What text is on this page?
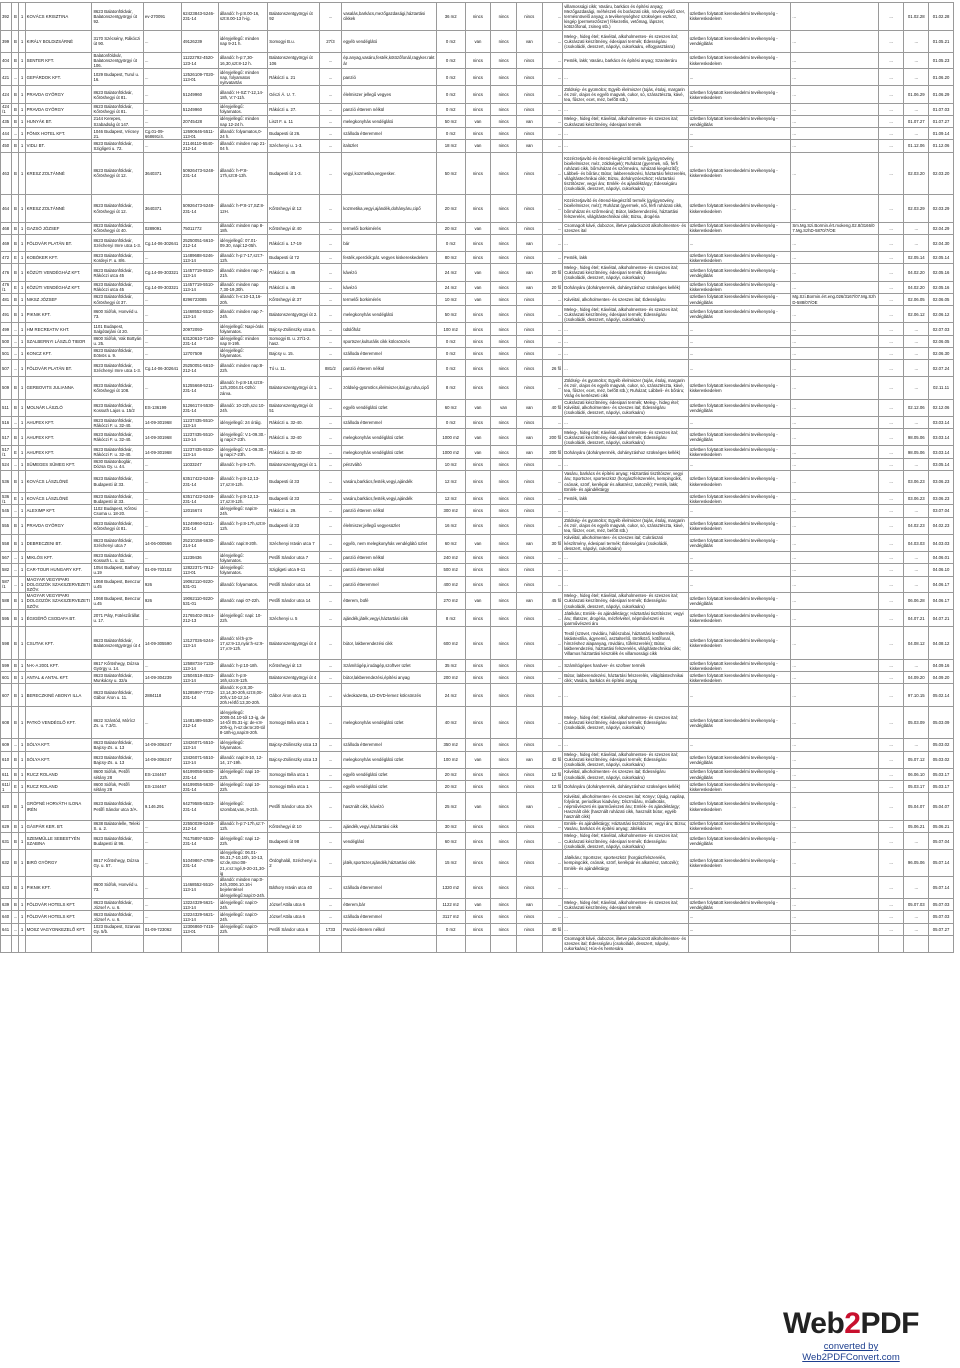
392	B	1	KOVÁCS KRISZTINA	8623 Balatonföldvár, Balatonszentgyörgyi út 92.	ev-270091	62423843-5246-231-14	állandó: h-p:8.00-16, szt:8.00-13 h-ig.	Balatonszentgyörgyi út 92	...	vasalás,barkács,mezőgazdasági,háztartási cikkek	36 m2	nincs	nincs	nincs	...	villamossági cikk; Vasáru, barkács és építési anyag; Mezőgazdasági, méhészeti és borászati cikk, növényvédő szer, termésnövelő anyag; a tevékenységhez szükséges eszköz, kisgép (permetezőszer) fékezetlis, vetőmag, lápszer, kötözőfonal, zsineg stb.)	üzletben folytatott kereskedelmi tevékenység - kiskereskedelem	...	...	01.02.28	01.02.28
399	B	1	KIRÁLY BOLDIZSÁRNÉ	3170 Szécsény, Rákóczi út 90.	...	49126239	idényjellegű: minden nap 9-21 h.	Somogyi B.u.	27/3	egyéb vendéglátó	0 m2	van	nincs	van	...	Meleg-, hideg étel; Kávéital, alkoholmentes- és szeszes ital; Cukrászati készítmény, édesipari termék; Édességáru (csokoládé, desszert, nápolyi, cukorkaáru, elfogyasztásra)	üzletben folytatott kereskedelmi tevékenység - vendéglátás	...	...	...	01.05.21
404	B	1	SENTER KFT.	Balatonföldvár, Balatonszentgyörgyi út 106.	...	11222792-4520-123-14	állandó: h-p:7,30-16,30,szt:8-12 h.	Balatonszentgyörgyi út 106	...	ép.anyag,vasáru,festék,kötözőfonál,ragyker.raktár	0 m2	nincs	nincs	nincs	...	Festék, lakk; Vasáru, barkács és építési anyag; Szaniteráru	üzletben folytatott kereskedelmi tevékenység - kiskereskedelem	...	...	...	01.05.23
421	...	1	GEPÁRDOK KFT.	1029 Budapest, Turul u. 16.	...	12526109-7020-113-01	idényjellegű: minden nap, folyamatos nyitvatartás	Rákóczi u. 21	...	panzió	0 m2	nincs	nincs	nincs	...	...	...	...	...	...	01.06.20
424	B	1	PRAVDA GYÖRGY	8623 Balatonföldvár, Kőröshegyi út 81.	...	51249960	állandó: H-SZ:7-12,14-18h, V:7-11h.	Géczi Á. U. 7.	...	élelmiszer jellegű vegyes	0 m2	nincs	nincs	nincs	...	Zöldség- és gyümölcs; Egyéb élelmiszer (tojás, étolaj, margarin és zsír, olajos és egyéb magvak, cukor, só, száraztészta, kávé, tea, fűszer, ecet, méz, befőtt stb.)	üzletben folytatott kereskedelmi tevékenység - kiskereskedelem	...	...	01.06.29	01.06.29
424/1	B	1	PRAVDA GYÖRGY	8623 Balatonföldvár, Kőröshegyi út 81.	...	51249960	idényjellegű: folyamatos.	Rákóczi u. 27.	...	panzió étterem nélkül	0 m2	nincs	nincs	nincs	...	...	...	...	...	...	01.07.03
435	B	1	HUNYÁK BT.	2144 Kerepes, Szabadság út 147.	...	20745428	idényjellegű: minden nap 12-24 h.	Liszt F. u. 11	...	melegkonyhás vendéglátó	50 m2	van	nincs	van	...	Meleg-, hideg étel; Kávéital, alkoholmentes- és szeszes ital; Cukrászati készítmény, édesipari termék	üzletben folytatott kereskedelmi tevékenység - vendéglátás	...	...	01.07.27	01.07.27
444	...	1	FÖNIX HOTEL KFT.	1046 Budapest, Vécsey 21.	Cg.01-09-668691/4.	12690646-5511-113-01	állandó: folyamatos,0-24 h.	Budapesti út 26.	...	szálloda étteremmel	0 m2	nincs	nincs	nincs	...	...	...	...	...	...	01.09.14
450	B	1	VIDLI BT.	8623 Balatonföldvár, Szigligeti u. 72.	...	21146110-5540-212-14	állandó: minden nap 21-04 h.	Széchenyi u. 1-3.	...	italüzlet	18 m2	van	nincs	van	...	...	...	...	...	01.12.06	01.12.06
463	B	1	KRESZ ZOLTÁNNÉ	8623 Balatonföldvár, Kőröshegyi út 12.	3640371	50926473-5248-231-14	állandó: h-P:8-17h,szt:8-13h.	Budapesti út 1-3.	...	vegyi,kozmetika,vegyesker.	50 m2	nincs	nincs	nincs	...	Közérzetjavító és étrend-kiegészítő termék (gyógynövény, bioélelmiszer, méz, zöldségek); Ruházat (gyermek, női, férfi ruházati cikk, bőrruházat és szőrmeáru, ruházati kiegészítő); Lábbeli- és bőráru; Bútor, lakberendezési, háztartási felszerelés, világítástechnikai cikk; Bizsu, dohányzóeszköz; Háztartási tisztítószer, vegyi áru; Emlék- és ajándéktárgy; Édességáru (csokoládé, desszert, nápolyi, cukorkaáru)	üzletben folytatott kereskedelmi tevékenység - kiskereskedelem	...	...	02.03.20	02.03.20
464	B	1	KRESZ ZOLTÁNNÉ	8623 Balatonföldvár, Kőröshegyi út 12.	3640371	50926473-5248-231-14	állandó: h-P:8-17,SZ:8-12H.	Kőröshegyi út 12	...	kozmetika,vegyi,ajándék,dohányáru,cipő	20 m2	nincs	nincs	nincs	...	Közérzetjavító és étrend-kiegészítő termék (gyógynövény, bioélelmiszer, méz); Ruházat (gyermek, női, férfi ruházati cikk, bőrruházat és szőrmeáru); Bútor, lakberendezési, háztartási felszerelés, világítástechnikai cikk; Bizsu, drogéria	üzletben folytatott kereskedelmi tevékenység - kiskereskedelem	...	...	02.03.29	02.03.29
468	B	1	GAZSÓ JÓZSEF	8623 Balatonföldvár, Kőröshegyi út 40.	0289091	75011772	állandó: minden nap 8-18h.	Kőröshegyi út 40	...	termelői borkimérés	20 m2	van	nincs	nincs	...	Csomagolt kávé, dobozos, illetve palackozott alkoholmentes- és szeszes ital	üzletben folytatott kereskedelmi tevékenység - kiskereskedelem	Sm.Mg.Szi.Bormin.ért.mokeng.02.8/3166/07.Mg.SzhD-5870/7/OE	...	...	02.04.29
469	B	1	FÖLDVÁR PLATÁN BT.	8623 Balatonföldvár, Széchenyi Imre utca 1-3.	Cg.14-06-302641	25250051-5610-212-14	idényjellegű: 07.01-09.30, napi:12-05h.	Rákóczi u. 17-19	...	bár	0 m2	nincs	nincs	van	...	...	...	...	...	...	02.04.30
472	E	1	KOBÓKER KFT.	8623 Balatonföldvár, Kordeyi F. u. 8/6.	...	11489688-5246-113-14	állandó: h-p:7-17,szt:7-12h.	Budapesti út 72	...	festék,vperckik;pát. vegyes kiskereskedelem	80 m2	nincs	nincs	nincs	...	Festék, lakk	üzletben folytatott kereskedelmi tevékenység - kiskereskedelem	...	...	02.05.14	02.05.14
476	B	1	KÖZÚTI VENDÉGHÁZ KFT.	8623 Balatonföldvár, Rákóczi utca 45	Cg.14-09-303321	11457719-5510-113-14	állandó: minden nap 7-21h.	Rákóczi u. 45	...	kávézó	24 m2	van	nincs	van	20 fő	Meleg-, hideg étel; Kávéital, alkoholmentes- és szeszes ital; Cukrászati készítmény, édesipari termék; Édességáru (csokoládé, desszert, nápolyi, cukorkaáru)	üzletben folytatott kereskedelmi tevékenység - vendéglátás	...	...	04.02.20	02.05.16
476/1	E	1	KÖZÚTI VENDÉGHÁZ KFT.	8623 Balatonföldvár, Rákóczi utca 45	Cg.14-09-303321	11457719-5510-113-14	állandó: minden nap 7,30-19,30h.	Rákóczi u. 45	...	kávézó	24 m2	van	nincs	van	20 fő	Dohányáru (dohánytermék, dohányzáshoz szükséges kellék)	üzletben folytatott kereskedelmi tevékenység - kiskereskedelem	...	...	04.02.20	02.05.16
481	B	1	NIKSZ JÓZSEF	8623 Balatonföldvár, Kőröshegyi út 37.	...	8296723085	állandó: h-v:10-13,16-20h.	Kőröshegyi út 37	...	termelői borkimérés	10 m2	van	nincs	nincs	...	Kávéital, alkoholmentes- és szeszes ital; Édességáru	üzletben folytatott kereskedelmi tevékenység - vendéglátás	Mg.Szi.Bormin.ért.eng.026/3167/07.Mg.SzhD-588/07/OE	...	02.06.05	02.06.05
491	B	1	PIKNIK KFT.	8600 Siófok, Honvéd u. 73.	...	11468552-5510-113-14	állandó: minden nap 7-24h.	Balatonszentgyörgyi út 2.	...	melegkonyhás vendéglátó	50 m2	nincs	nincs	nincs	...	Meleg-, hideg étel; Kávéital, alkoholmentes- és szeszes ital; Cukrászati készítmény, édesipari termék; Édességáru (csokoládé, desszert, nápolyi, cukorkaáru)	üzletben folytatott kereskedelmi tevékenység - vendéglátás	...	...	02.06.12	02.06.12
499	...	1	HM RECREATIV KHT.	1101 Budapest, Salgótarjáni út 20.	...	20972093-	idényjellegű: Napi-órás folyamatos.	Bajcsy-Zsilinszky utca 6.	...	üdülőház	100 m2	nincs	nincs	nincs	...	...	...	...	...	...	02.07.03
500	...	1	SZALBERNYI LÁSZLÓ TIBOR	8600 Siófok, Vak Bottyán u. 25.	...	63120610-7140-231-14	idényjellegű: minden nap 8-19h.	Somogyi B. u. 27/1-2. hasz.	...	sportszer,kulturális cikk kölcsönzés	0 m2	nincs	nincs	nincs	...	...	...	...	...	...	02.06.05
501	...	1	KONCZ KFT.	8623 Balatonföldvár, Eötvös u. 9.	...	12707509	idényjellegű: folyamatos.	Bajcsy u. 15.	...	szálloda étteremmel	0 m2	nincs	nincs	nincs	...	...	...	...	...	...	02.06.30
507	...	1	FÖLDVÁR PLATÁN BT.	8623 Balatonföldvár, Széchenyi Imre utca 1-3.	Cg.14-06-302641	25250051-5610-212-14	állandó: minden nap:8-22h.	Tó u. 11.	881/2	panzió étterem nélkül	0 m2	nincs	nincs	nincs	26 fő	...	...	...	...	...	02.07.24
509	B	1	GERBOVITS JULIANNA	8623 Balatonföldvár, Kőröshegyi út 108.	...	51255668-5211-231-14	állandó: h-p:8-18,szt:8-12h,2004.01-02hó: zárva.	Balatonszentgyörgyi út 1.	...	zöldség-gyümölcs,élelmiszer,ital,gy.ruha,cipő	8 m2	nincs	nincs	nincs	...	Zöldség- és gyümölcs; Egyéb élelmiszer (tojás, étolaj, margarin és zsír, olajos és egyéb magvak, cukor, só, száraztészta, kávé, tea, fűszer, ecet, méz, befőtt stb.); Ruházat; Lábbeli- és bőráru; Virág és kertészeti cikk	üzletben folytatott kereskedelmi tevékenység - kiskereskedelem	...	...	...	02.11.11
511	B	1	MOLNÁR LÁSZLÓ	8623 Balatonföldvár, Kossuth Lajos u. 15/2	ES-136199	51266174-5530-231-14	állandó: 10-22h,szo:10-24h.	Balatonszentgyörgyi út 51	...	egyéb vendéglátó üzlet	60 m2	van	van	van	40 fő	Cukrászati készítmény, édesipari termék; Meleg-, hideg étel; Kávéital, alkoholmentes- és szeszes ital; Édességáru (csokoládé, desszert, nápolyi, cukorkaáru)	üzletben folytatott kereskedelmi tevékenység - vendéglátás	...	...	02.12.06	02.12.06
516	...	1	AHUFEX KFT.	8623 Balatonföldvár, Rákóczi F. u. 32-40.	14-09-301968	11237435-5510-113-14	idényjellegű: 24 óráig.	Rákóczi u. 32-40.	...	szálloda étteremmel	0 m2	nincs	nincs	nincs	...	...	...	...	...	...	03.03.14
517	B	1	AHUFEX KFT.	8623 Balatonföldvár, Rákóczi F. u. 32-40.	14-09-301968	11237435-5510-113-14	idényjellegű: V.1-09.30.-ig napi:7-23h.	Rákóczi u. 32-40	...	melegkonyhás vendéglátó üzlet	1000 m2	van	nincs	van	200 fő	Meleg-, hideg étel; Kávéital, alkoholmentes- és szeszes ital; Cukrászati készítmény, édesipari termék; Édességáru (csokoládé, desszert, nápolyi, cukorkaáru)	üzletben folytatott kereskedelmi tevékenység - vendéglátás	...	...	98.05.06	03.03.14
517/1	E	1	AHUFEX KFT.	8623 Balatonföldvár, Rákóczi F. u. 32-40.	14-09-301968	11237435-5510-113-14	idényjellegű: V.1-09.30.-ig napi:7-23h.	Rákóczi u. 32-40	...	melegkonyhás vendéglátó üzlet	1000 m2	van	nincs	van	200 fő	Dohányáru (dohánytermék, dohányzáshoz szükséges kellék)	üzletben folytatott kereskedelmi tevékenység - kiskereskedelem	...	...	98.05.06	03.03.14
524	...	1	SÜMEGES SÜMEG KFT.	8630 Balatonboglár, Dózsa Gy. u. 44.	...	11033247	állandó: h-p:9-17h.	Balatonszentgyörgyi út 1.	...	pénzváltó	10 m2	nincs	nincs	nincs	...	...	...	...	...	...	03.05.14
536	B	1	KOVÁCS LÁSZLÓNÉ	8623 Balatonföldvár, Budapesti út 33.	...	63517422-5248-231-14	állandó: h-p:8-12,13-17,sz:8-12h.	Budapesti út 33	...	vasáru,barkács,festék,vegyi,ajándék	12 m2	nincs	nincs	nincs	...	Vasáru, barkács és építési anyag; Háztartási tisztítószer, vegyi áru; Sportszer, sporteszköz (horgászfelszerelés, kempingcikk, csónak, szörf, kerékpár és alkatrész, tartozék); Festék, lakk; Emlék- és ajándéktárgy	üzletben folytatott kereskedelmi tevékenység - kiskereskedelem	...	...	03.06.23	03.06.23
536/1	E	1	KOVÁCS LÁSZLÓNÉ	8623 Balatonföldvár, Budapesti út 33.	...	63517422-5248-231-14	állandó: h-p:8-12,13-17,sz:8-12h.	Budapesti út 33	...	vasáru,barkács,festék,vegyi,ajándék	12 m2	nincs	nincs	nincs	...	Festék, lakk	üzletben folytatott kereskedelmi tevékenység - kiskereskedelem	...	...	03.06.23	03.06.23
545	...	1	ALEXIMP KFT.	1102 Budapest, Kőrösi Csoma u. 18-20.	...	12015674	idényjellegű: napi:8-24h.	Rákóczi u. 29.	...	panzió étterem nélkül	300 m2	nincs	nincs	nincs	...	...	...	...	...	...	03.07.04
555	B	1	PRAVDA GYÖRGY	8623 Balatonföldvár, Kőröshegyi út 81.	...	51249960-5211-231-14	állandó: h-p:8-17h,szt:8-12h.	Budapesti út 33	...	élelmiszer,jellegű vegyesüzlet	16 m2	nincs	nincs	nincs	...	Zöldség- és gyümölcs; Egyéb élelmiszer (tojás, étolaj, margarin és zsír, olajos és egyéb magvak, cukor, só, száraztészta, kávé, tea, fűszer, ecet, méz, befőtt stb.)	üzletben folytatott kereskedelmi tevékenység - kiskereskedelem	...	...	04.02.23	04.02.23
558	B	1	DEBRECZENI BT.	8623 Balatonföldvár, Széchenyi utca 7	14-06-000566	25210158-5630-214-14	állandó: napi:8-20h.	Széchenyi István utca 7	...	egyéb, nem melegkonyhás vendéglátó üzlet	60 m2	van	nincs	van	30 fő	Kávéital, alkoholmentes- és szeszes ital; Cukrászati készítmény, édesipari termék; Édességáru (csokoládé, desszert, nápolyi, cukorkaáru)	üzletben folytatott kereskedelmi tevékenység - vendéglátás	...	...	04.03.03	04.03.03
567	...	1	MIKLÓS KFT.	8623 Balatonföldvár, Kossuth L. u. 11.	...	11239436	idényjellegű: folyamatos.	Petőfi Sándor utca 7	...	panzió étterem nélkül	240 m2	nincs	nincs	nincs	...	...	...	...	...	...	04.06.01
582	...	1	CAR-TOUR HUNGARY KFT.	1054 Budapest, Bathory u.19	01-09-703102	12822371-7912-113-01	idényjellegű: folyamatos.	Szigligeti utca 9-11	...	panzió étterem nélkül	500 m2	nincs	nincs	nincs	...	...	...	...	...	...	04.06.10
587/1	...	1	MAGYAR VEGYIPARI DOLGOZÓK SZAKSZERVEZETI SZÖV.	1068 Budapest, Benczur u.45	926	19062110-9220-531-01	állandó: folyamatos.	Petőfi Sándor utca 14	...	panzió étteremmel	400 m2	nincs	nincs	nincs	...	...	...	...	...	...	04.06.17
588	B	1	MAGYAR VEGYIPARI DOLGOZÓK SZAKSZERVEZETI SZÖV.	1068 Budapest, Benczur u.45	926	19062110-9220-531-01	állandó: napi 07-22h.	Petőfi Sándor utca 14	...	étterem, büfé	270 m2	van	nincs	van	45 fő	Meleg-, hideg étel; Kávéital, alkoholmentes- és szeszes ital; Cukrászati készítmény, édesipari termék; Édességáru (csokoládé, desszert, nápolyi, cukorkaáru)	üzletben folytatott kereskedelmi tevékenység - vendéglátás	...	...	06.06.28	04.06.17
595	B	1	ÉGIGÉRŐ CSODAFA BT.	2071 Páty, Fütészőrállat u. 17.	...	21765402-3614-212-13	idényjellegű: napi: 10-22h.	Széchenyi u. 5	...	ajándék,játék,vegyi,háztartási cikk	8 m2	nincs	nincs	nincs	...	Játékáru; Emlék- és ajándéktárgy; Háztartási tisztítószer, vegyi áru; Illatszer, drogéria, mézfelvétel, népművészeti és iparművészeti áru	üzletben folytatott kereskedelmi tevékenység - kiskereskedelem	...	...	04.07.21	04.07.21
598	B	1	CSUTAK KFT.	8623 Balatonföldvár, Balatonszentgyörgyi út 4	14-09-305590	13127026-5244-113-14	állandó: tél:h-p:9-17,sz:9-13,nyár:h-sz:9-17,v:9-12h.	Balatonszentgyörgyi út 4	...	bútor, lakberendezési cikk	600 m2	nincs	nincs	nincs	...	Textil (szövet, rövidáru, hálószobai, háztartási textiltermék, lakástextília, ágynemű, asztalterítő, törölköző, kötőfonal, hímzéshez alapanyag, rövidáru, tűfelszerelés); Bútor, lakberendezési, háztartási felszerelés, világítástechnikai cikk; Villamos háztartási készülék és villamossági cikk	üzletben folytatott kereskedelmi tevékenység - kiskereskedelem	...	...	04.08.12	04.08.12
599	B	1	N-K-A 2001 KFT.	8617 Kőröshegy, Dózsa György u. 14.	...	12588734-7133-113-14	állandó: h-p:10-18h.	Kőröshegyi út 13	...	Számítógép,irodagép,szoftver üzlet	35 m2	nincs	nincs	nincs	...	Számítógépes hardver- és szoftver termék	üzletben folytatott kereskedelmi tevékenység - kiskereskedelem	...	...	...	04.09.16
601	B	1	ANTAL & ANTAL KFT.	8623 Balatonföldvár, Munkácsy u. 32/a	14-09-304239	12504518-4522-113-14	állandó: h-p:8-16h,szo:8-12h.	Balatonszentgyörgyi út 4	...	bútor,lakberendezési,építési anyag	200 m2	nincs	nincs	nincs	...	Bútor, lakberendezési, háztartási felszerelés, világítástechnikai cikk; Vasáru, barkács és építési anyag	üzletben folytatott kereskedelmi tevékenység - kiskereskedelem	...	...	04.09.20	04.09.20
607	B	1	BERECZKINÉ ABONYI ILLA	8623 Balatonföldvár, Gábor Áron u. 11.	2884118	51285997-7722-231-14	állandó: K-p:8,30-13,14,30-20h,szt:8,00-20h,v:10-12,14-20h.Hétfő:13,30-20h.	Gábor Áron utca 11	...	videokazetta, LD-DVD-lemez kölcsönzés	24 m2	nincs	nincs	nincs	...	...	...	...	...	97.10.15	05.02.14
608	B	1	PATKÓ VENDÉGLŐ KFT.	8622 Szántód, Mórícz Zs. u. 7.3/G.	...	11481489-5530-212-14	idényjellegű: 2009.04.10-tól 13-ig, de 14-től 05.31-ig: de-v:8-20h-ig, h-sz:de:te:20-tól 8-18h-ig,napi:8-20h.	Somogyi Béla utca 1	...	melegkonyhás vendéglátó üzlet	40 m2	nincs	nincs	nincs	...	Meleg-, hideg étel; Kávéital, alkoholmentes- és szeszes ital; Cukrászati készítmény, édesipari termék; Édességáru (csokoládé, desszert, nápolyi, cukorkaáru)	üzletben folytatott kereskedelmi tevékenység - vendéglátás	...	...	05.03.09	05.03.09
609	...	1	SÓLYA KFT.	8623 Balatonföldvár, Bajcsy-Zs. u. 13	14-09-306247	13426071-5510-113-14	idényjellegű: folyamatos.	Bajcsy-Zsilinszky utca 13	...	szálloda étteremmel	350 m2	nincs	nincs	nincs	...	...	...	...	...	...	05.03.02
610	B	1	SÓLYA KFT.	8623 Balatonföldvár, Bajcsy-Zs. u. 13	14-09-306247	13426071-5510-113-14	állandó: napi:8-10, 12-14, 17-19h.	Bajcsy-Zsilinszky utca 13	...	melegkonyhás vendéglátó üzlet	100 m2	van	nincs	van	42 fő	Meleg-, hideg étel; Kávéital, alkoholmentes- és szeszes ital; Cukrászati készítmény, édesipari termék; Édességáru (csokoládé, desszert, nápolyi, cukorkaáru)	üzletben folytatott kereskedelmi tevékenység - vendéglátás	...	...	05.07.12	05.03.02
611	B	1	RUCZ ROLAND	8600 Siófok, Petőfi sétány 28	ES-134467	64199055-5630-231-14	idényjellegű: napi 10-22h.	Somogyi Béla utca 1	...	egyéb vendéglátó üzlet	20 m2	nincs	nincs	nincs	12 fő	Kávéital, alkoholmentes- és szeszes ital; Édességáru (csokoládé, desszert, nápolyi, cukorkaáru)	üzletben folytatott kereskedelmi tevékenység - vendéglátás	...	...	06.06.10	05.03.17
611/1	E	1	RUCZ ROLAND	8600 Siófok, Petőfi sétány 28	ES-134467	64199055-5630-231-14	idényjellegű: napi 10-22h.	Somogyi Béla utca 1	...	egyéb vendéglátó üzlet	20 m2	nincs	nincs	nincs	12 fő	Dohányáru (dohánytermék, dohányzáshoz szükséges kellék)	üzletben folytatott kereskedelmi tevékenység - kiskereskedelem	...	...	05.03.17	05.03.17
620	B	1	GRÓFNÉ HORVÁTH ILONA IRÉN	8623 Balatonföldvár, Petőfi Sándor utca 3/A.	9.146.291	64279585-5523-231-14	idényjellegű: szombat,vas.,9-21h.	Petőfi Sándor utca 3/A	...	használt cikk, kávézó	25 m2	van	nincs	van	...	Kávéital, alkoholmentes- és szeszes ital; Könyv; Újság, napilap, folyóirat, periodikus kiadvány; Díszműáru, műalkotás, népművészeti és iparművészeti áru; Emlék- és ajándéktárgy; Használt cikk (használt ruházati cikk, használt bútor, egyéb használt cikk)	üzletben folytatott kereskedelmi tevékenység - kiskereskedelem	...	...	05.04.07	05.04.07
629	B	1	GÁSPÁR KER. BT.	8638 Balatonlelle, Teleki S. u. 2.	...	22550039-5248-212-14	állandó: h-p:7-17h,sz:7-12h.	Kőröshegyi út 10	...	ajándék,vegyi,háztartási cikk	30 m2	nincs	nincs	nincs	...	Emlék- és ajándéktárgy; Háztartási tisztítószer, vegyi áru; Bizsu; Vasáru, barkács és építési anyag; Játékáru	üzletben folytatott kereskedelmi tevékenység - kiskereskedelem	...	...	05.06.21	05.06.21
631	B	1	SZEMMÜLLE SEBESTYÉN SZABINA	8623 Balatonföldvár, Budapesti út 96.	...	76175897-5530-231-14	idényjellegű: napi 12-22h.	Budapesti út 98	...	vendéglátó	60 m2	nincs	nincs	nincs	...	Meleg-, hideg étel; Kávéital, alkoholmentes- és szeszes ital; Cukrászati készítmény, édesipari termék; Édességáru (csokoládé, desszert, nápolyi, cukorkaáru)	üzletben folytatott kereskedelmi tevékenység - vendéglátás	...	...	...	05.07.04
632	B	1	BIRÓ GYÖRGY	8617 Kőröshegy, Dózsa Gy. u. 57.	...	51049867-4789-231-14	idényjellegű: 06.01-06.31,7-10,10h, 10-13, sz:de,stno:08-21,v:sz:ngé,9-20-21,30-ig	Ördöghalál, Széchenyi u. 2	...	játék,sportszer,ajándék,háztartási cikk	15 m2	nincs	nincs	nincs	...	Játékáru; Sportszer, sporteszköz (horgászfelszerelés, kempingcikk, csónak, szörf, kerékpár és alkatrész, tartozék); Emlék- és ajándéktárgy	üzletben folytatott kereskedelmi tevékenység - kiskereskedelem	...	...	96.05.06	05.07.14
633	B	1	PIKNIK KFT.	8600 Siófok, Honvéd u. 73.	...	11468552-5510-113-14	állandó: minden nap:0-24h,2006.10.16-i bejelentésel idényjellegű:napi:0-24h.	Báthory István utca 40	...	szálloda étteremmel	1320 m2	nincs	nincs	nincs	...	...	...	...	...	...	05.07.14
639	B	1	FÖLDVÁR HOTELS KFT.	8623 Balatonföldvár, József A. u. 6.	...	13224329-5621-113-14	idényjellegű: napi:0-24h.	József Attila utca 6	...	étterem,bár	1122 m2	van	nincs	van	...	Meleg-, hideg étel; Kávéital, alkoholmentes- és szeszes ital; Cukrászati készítmény, édesipari termék	üzletben folytatott kereskedelmi tevékenység - vendéglátás	...	...	05.07.03	05.07.03
640	...	1	FÖLDVÁR HOTELS KFT.	8623 Balatonföldvár, József A. u. 6.	...	13224329-5621-113-14	idényjellegű: napi:0-24h.	József Attila utca 6	...	szálloda étteremmel	3117 m2	nincs	nincs	nincs	...	...	...	...	...	...	05.07.03
641	...	1	MOSZ VAGYONKEZELŐ KFT.	1023 Budapest, Szarvas Gy. 5/b.	01-09-723062	12306860-7415-113-01	idényjellegű: napi:0-22h.	Petőfi Sándor utca 6	1733	Panzió étterem nélkül	0 m2	nincs	nincs	nincs	40 fő	...	...	...	...	...	05.07.27
																Csomagolt kávé, dobozos, illetve palackozott alkoholmentes- és szeszes ital; Édességáru (csokoládé, desszert, nápolyi, cukorkaáru); Hús-és hentesáru					
Web2PDF
converted by Web2PDFConvert.com
